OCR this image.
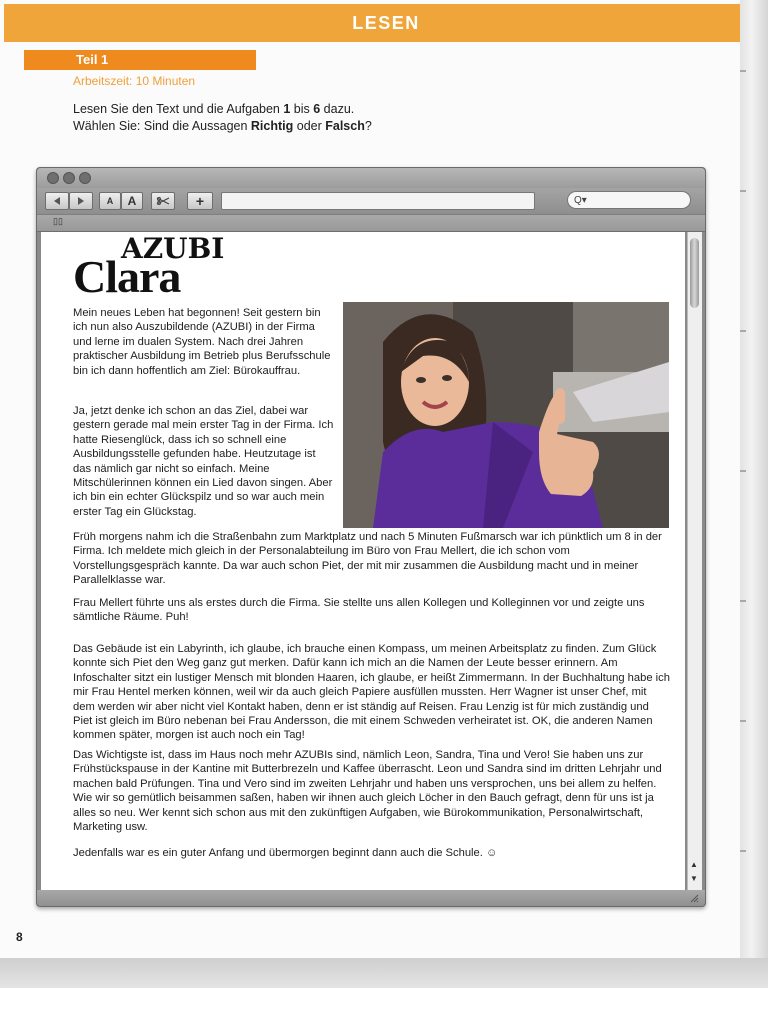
LESEN
Teil 1
Arbeitszeit: 10 Minuten
Lesen Sie den Text und die Aufgaben 1 bis 6 dazu.
Wählen Sie: Sind die Aussagen Richtig oder Falsch?
A	A	+	Q▾
▯▯
AZUBI
Clara

Mein neues Leben hat begonnen! Seit gestern bin ich nun also Auszubildende (AZUBI) in der Firma und lerne im dualen System. Nach drei Jahren praktischer Ausbildung im Betrieb plus Berufsschule bin ich dann hoffentlich am Ziel: Bürokauffrau.

Ja, jetzt denke ich schon an das Ziel, dabei war gestern gerade mal mein erster Tag in der Firma. Ich hatte Riesenglück, dass ich so schnell eine Ausbildungsstelle gefunden habe. Heutzutage ist das nämlich gar nicht so einfach. Meine Mitschülerinnen können ein Lied davon singen. Aber ich bin ein echter Glückspilz und so war auch mein erster Tag ein Glückstag.

Früh morgens nahm ich die Straßenbahn zum Marktplatz und nach 5 Minuten Fußmarsch war ich pünktlich um 8 in der Firma. Ich meldete mich gleich in der Personalabteilung im Büro von Frau Mellert, die ich schon vom Vorstellungsgespräch kannte. Da war auch schon Piet, der mit mir zusammen die Ausbildung macht und in meiner Parallelklasse war.

Frau Mellert führte uns als erstes durch die Firma. Sie stellte uns allen Kollegen und Kolleginnen vor und zeigte uns sämtliche Räume. Puh!

Das Gebäude ist ein Labyrinth, ich glaube, ich brauche einen Kompass, um meinen Arbeitsplatz zu finden. Zum Glück konnte sich Piet den Weg ganz gut merken. Dafür kann ich mich an die Namen der Leute besser erinnern. Am Infoschalter sitzt ein lustiger Mensch mit blonden Haaren, ich glaube, er heißt Zimmermann. In der Buchhaltung habe ich mir Frau Hentel merken können, weil wir da auch gleich Papiere ausfüllen mussten. Herr Wagner ist unser Chef, mit dem werden wir aber nicht viel Kontakt haben, denn er ist ständig auf Reisen. Frau Lenzig ist für mich zuständig und Piet ist gleich im Büro nebenan bei Frau Andersson, die mit einem Schweden verheiratet ist. OK, die anderen Namen kommen später, morgen ist auch noch ein Tag!

Das Wichtigste ist, dass im Haus noch mehr AZUBIs sind, nämlich Leon, Sandra, Tina und Vero! Sie haben uns zur Frühstückspause in der Kantine mit Butterbrezeln und Kaffee überrascht. Leon und Sandra sind im dritten Lehrjahr und machen bald Prüfungen. Tina und Vero sind im zweiten Lehrjahr und haben uns versprochen, uns bei allem zu helfen. Wie wir so gemütlich beisammen saßen, haben wir ihnen auch gleich Löcher in den Bauch gefragt, denn für uns ist ja alles so neu. Wer kennt sich schon aus mit den zukünftigen Aufgaben, wie Bürokommunikation, Personalwirtschaft, Marketing usw.

Jedenfalls war es ein guter Anfang und übermorgen beginnt dann auch die Schule. ☺

▲
▼
8
